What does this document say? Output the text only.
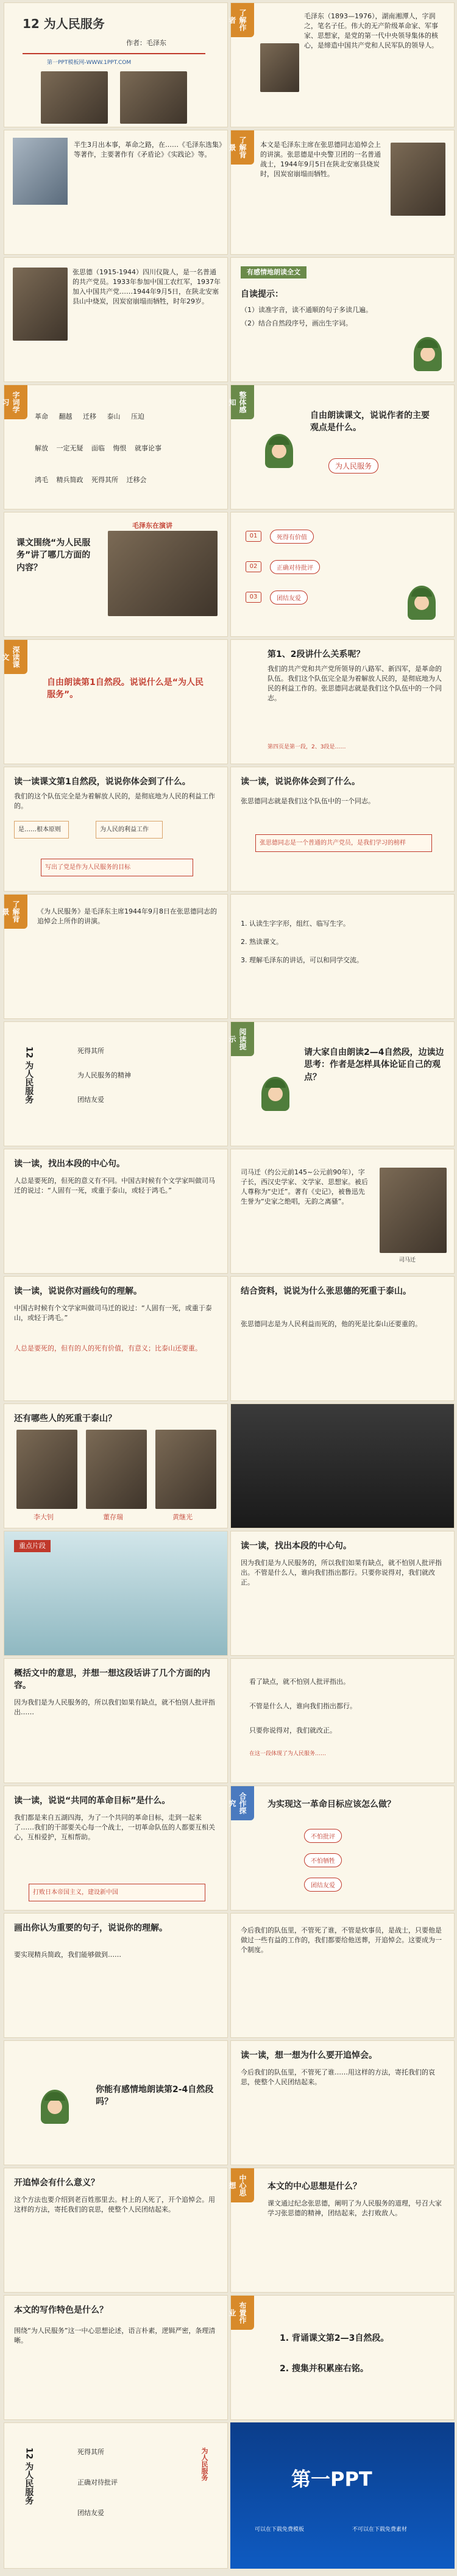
12 为人民服务
作者：毛泽东
第一PPT模板网-WWW.1PPT.COM
了解作者	毛泽东（1893—1976），湖南湘潭人，字润之，笔名子任。伟大的无产阶级革命家、军事家、思想家，是党的第一代中央领导集体的核心，是缔造中国共产党和人民军队的领导人。
半生3月出本事，革命之路，在……《毛泽东选集》等著作，主要著作有《矛盾论》《实践论》等。	了解背景	本文是毛泽东主席在张思德同志追悼会上的讲演。张思德是中央警卫团的一名普通战士，1944年9月5日在陕北安塞县烧炭时，因炭窑崩塌而牺牲。
张思德（1915-1944）四川仪陇人，是一名普通的共产党员。1933年参加中国工农红军，1937年加入中国共产党……1944年9月5日，在陕北安塞县山中烧炭，因炭窑崩塌而牺牲，时年29岁。
有感情地朗读全文
自读提示：
（1）读准字音，读不通顺的句子多读几遍。
（2）结合自然段序号，画出生字词。
字词学习
革命 翻越 迁移 泰山 压迫
解放 一定无疑 面临 悔恨 就事论事
鸿毛 精兵简政 死得其所 迁移会
整体感知
自由朗读课文，说说作者的主要观点是什么。
为人民服务
课文围绕“为人民服务”讲了哪几方面的内容？
毛泽东在演讲
01	死得有价值
02	正确对待批评
03	团结友爱
深读课文
自由朗读第1自然段。说说什么是“为人民服务”。
第1、2段讲什么关系呢？
我们的共产党和共产党所领导的八路军、新四军，是革命的队伍。我们这个队伍完全是为着解放人民的，是彻底地为人民的利益工作的。张思德同志就是我们这个队伍中的一个同志。
第四页是第一段，2、3段是……
读一读课文第1自然段，说说你体会到了什么。
我们的这个队伍完全是为着解放人民的，是彻底地为人民的利益工作的。
是……根本原则	为人民的利益工作
写出了党是作为人民服务的目标
读一读，说说你体会到了什么。
张思德同志就是我们这个队伍中的一个同志。
张思德同志是一个普通的共产党员，是我们学习的榜样
了解背景	《为人民服务》是毛泽东主席1944年9月8日在张思德同志的追悼会上所作的讲演。	1. 认读生字字形，组红、临写生字。
2. 熟读课文。
3. 理解毛泽东的讲话，可以和同学交流。
12 为人民服务	死得其所
为人民服务的精神
团结友爱
阅读提示
请大家自由朗读2—4自然段，边读边思考：作者是怎样具体论证自己的观点？
读一读，找出本段的中心句。
人总是要死的，但死的意义有不同。中国古时候有个文学家叫做司马迁的说过：“人固有一死，或重于泰山，或轻于鸿毛。”
司马迁（约公元前145~公元前90年），字子长，西汉史学家、文学家、思想家。被后人尊称为“史迁”。著有《史记》，被鲁迅先生誉为“史家之绝唱，无韵之离骚”。
司马迁
读一读，说说你对画线句的理解。
中国古时候有个文学家叫做司马迁的说过：“人固有一死，或重于泰山，或轻于鸿毛。”
人总是要死的，但有的人的死有价值，有意义；比泰山还要重。
结合资料，说说为什么张思德的死重于泰山。
张思德同志是为人民利益而死的，他的死是比泰山还要重的。
还有哪些人的死重于泰山？
李大钊	董存瑞	黄继光
重点片段	读一读，找出本段的中心句。
因为我们是为人民服务的，所以我们如果有缺点，就不怕别人批评指出。不管是什么人，谁向我们指出都行。只要你说得对，我们就改正。
概括文中的意思，并想一想这段话讲了几个方面的内容。
因为我们是为人民服务的，所以我们如果有缺点，就不怕别人批评指出……
看了缺点，就不怕别人批评指出。
不管是什么人，谁向我们指出都行。
只要你说得对，我们就改正。
在这一段体现了为人民服务……
读一读，说说“共同的革命目标”是什么。
我们都是来自五湖四海，为了一个共同的革命目标，走到一起来了……我们的干部要关心每一个战士，一切革命队伍的人都要互相关心，互相爱护，互相帮助。
打败日本帝国主义，建设新中国
合作探究	为实现这一革命目标应该怎么做？
不怕批评
不怕牺牲
团结友爱
画出你认为重要的句子，说说你的理解。
要实现精兵简政，我们能够做到……
今后我们的队伍里，不管死了谁，不管是炊事员，是战士，只要他是做过一些有益的工作的，我们都要给他送葬，开追悼会。这要成为一个制度。
你能有感情地朗读第2-4自然段吗？
读一读，想一想为什么要开追悼会。
今后我们的队伍里，不管死了谁……用这样的方法，寄托我们的哀思，使整个人民团结起来。
开追悼会有什么意义？
这个方法也要介绍到老百姓那里去。村上的人死了，开个追悼会。用这样的方法，寄托我们的哀思，使整个人民团结起来。
中心思想	本文的中心思想是什么？
课文通过纪念张思德，阐明了为人民服务的道理，号召大家学习张思德的精神，团结起来，去打败敌人。
本文的写作特色是什么？
围绕“为人民服务”这一中心思想论述，语言朴素，逻辑严密，条理清晰。
布置作业
1. 背诵课文第2—3自然段。
2. 搜集并积累座右铭。
12 为人民服务	死得其所
正确对待批评
团结友爱
为人民服务	第一PPT
可以在下载免费模板	不可以在下载免费素材
